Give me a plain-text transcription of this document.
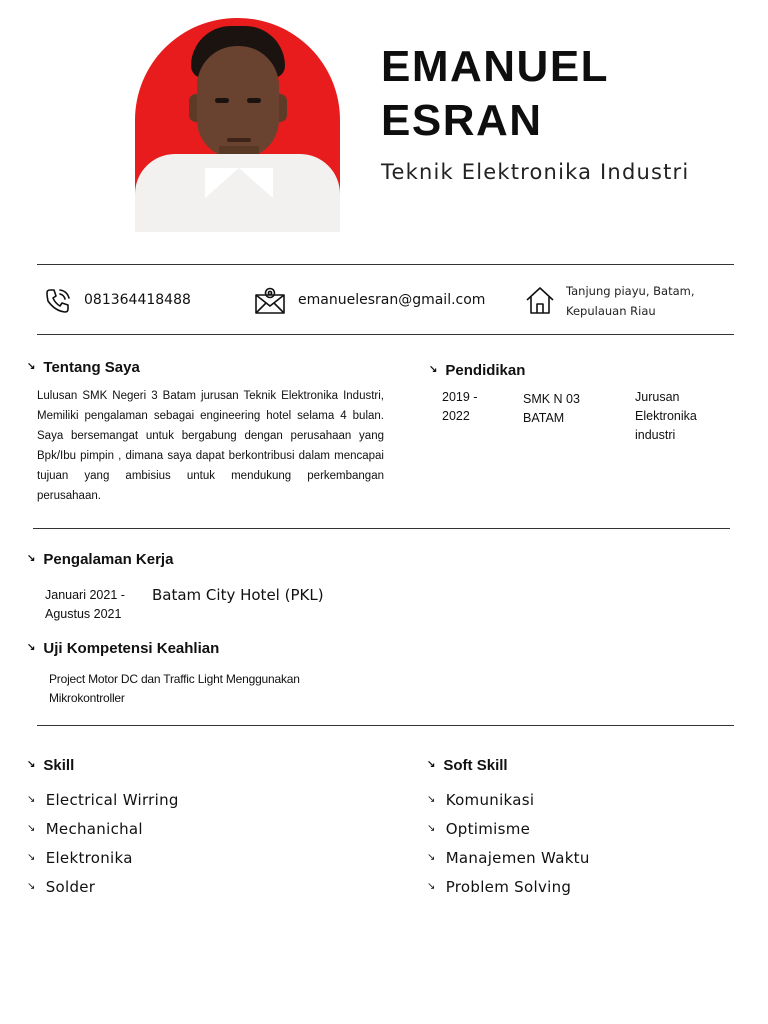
EMANUEL
ESRAN
Teknik Elektronika Industri
081364418488	emanuelesran@gmail.com
Tanjung piayu, Batam,
Kepulauan Riau
↘ Tentang Saya
Lulusan SMK Negeri 3 Batam jurusan Teknik Elektronika Industri, Memiliki pengalaman sebagai engineering hotel selama 4 bulan. Saya bersemangat untuk bergabung dengan perusahaan yang Bpk/Ibu pimpin , dimana saya dapat berkontribusi dalam mencapai tujuan yang ambisius untuk mendukung perkembangan perusahaan.
↘ Pendidikan
2019 -
2022
SMK N 03
BATAM
Jurusan
Elektronika
industri
↘ Pengalaman Kerja
Januari 2021 -
Agustus 2021
Batam City Hotel (PKL)
↘ Uji Kompetensi Keahlian
Project Motor DC dan Traffic Light Menggunakan
Mikrokontroller
↘ Skill
↘ Electrical Wirring
↘ Mechanichal
↘ Elektronika
↘ Solder
↘ Soft Skill
↘ Komunikasi
↘ Optimisme
↘ Manajemen Waktu
↘ Problem Solving
